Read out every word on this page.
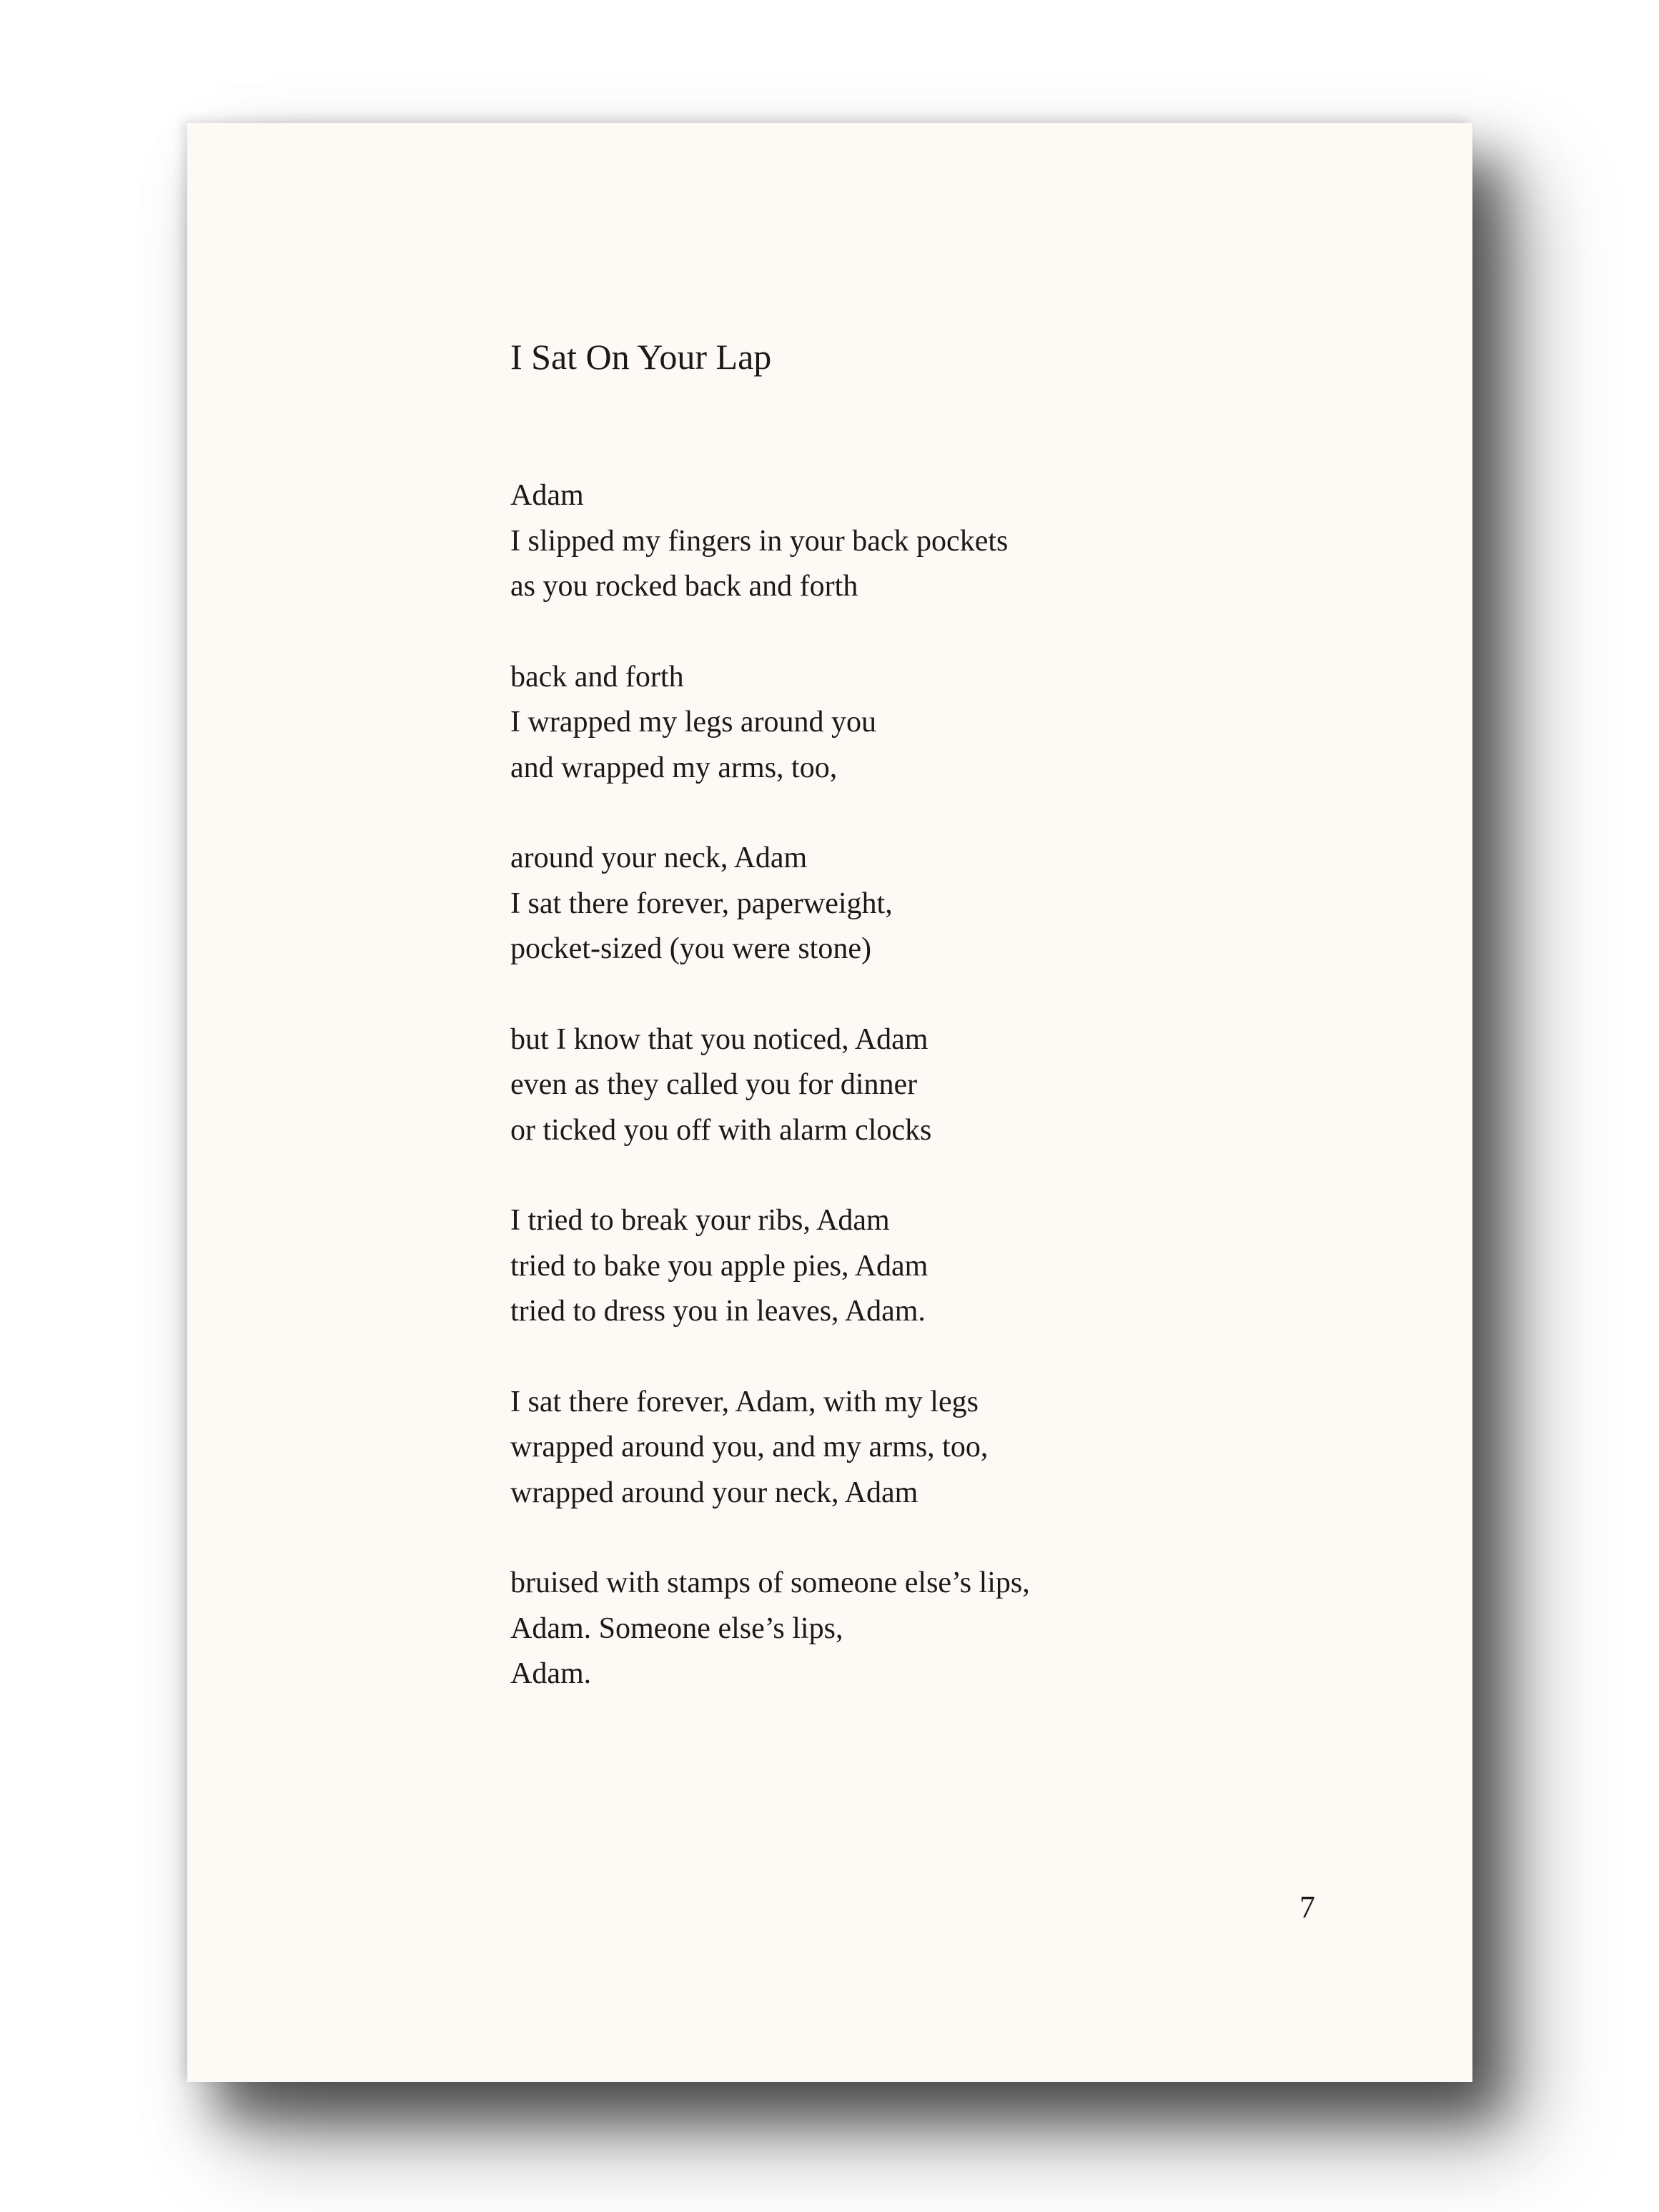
I Sat On Your Lap
Adam
I slipped my fingers in your back pockets
as you rocked back and forth
back and forth
I wrapped my legs around you
and wrapped my arms, too,
around your neck, Adam
I sat there forever, paperweight,
pocket-sized (you were stone)
but I know that you noticed, Adam
even as they called you for dinner
or ticked you off with alarm clocks
I tried to break your ribs, Adam
tried to bake you apple pies, Adam
tried to dress you in leaves, Adam.
I sat there forever, Adam, with my legs
wrapped around you, and my arms, too,
wrapped around your neck, Adam
bruised with stamps of someone else’s lips,
Adam. Someone else’s lips,
Adam.
7
